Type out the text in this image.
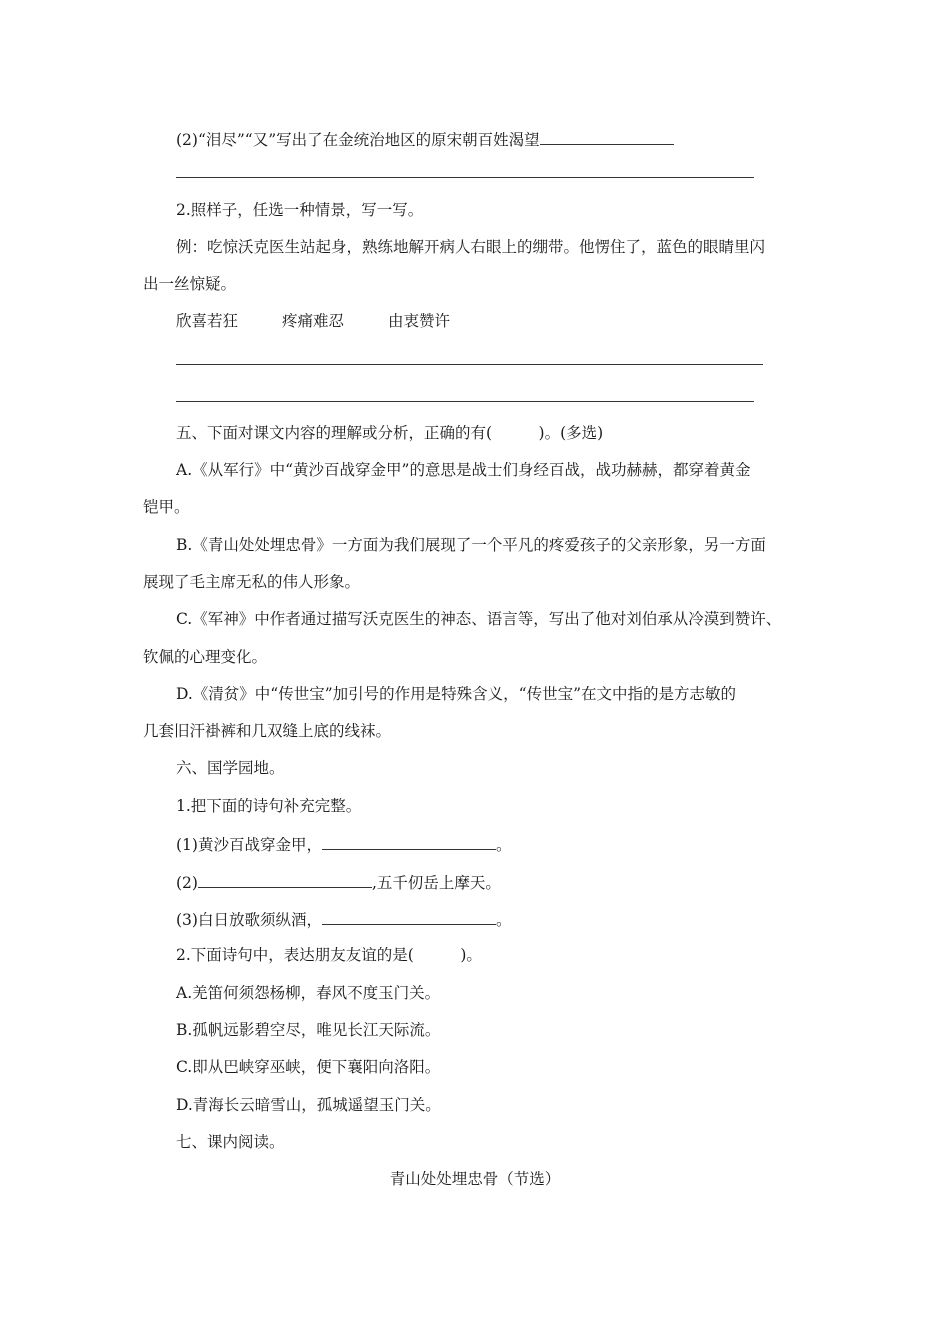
(2)“泪尽”“又”写出了在金统治地区的原宋朝百姓渴望
2.照样子，任选一种情景，写一写。
例：吃惊沃克医生站起身，熟练地解开病人右眼上的绷带。他愣住了，蓝色的眼睛里闪
出一丝惊疑。
欣喜若狂	疼痛难忍	由衷赞许
五、下面对课文内容的理解或分析，正确的有(　　　)。(多选)
A.《从军行》中“黄沙百战穿金甲”的意思是战士们身经百战，战功赫赫，都穿着黄金
铠甲。
B.《青山处处埋忠骨》一方面为我们展现了一个平凡的疼爱孩子的父亲形象，另一方面
展现了毛主席无私的伟人形象。
C.《军神》中作者通过描写沃克医生的神态、语言等，写出了他对刘伯承从冷漠到赞许、
钦佩的心理变化。
D.《清贫》中“传世宝”加引号的作用是特殊含义，“传世宝”在文中指的是方志敏的
几套旧汗褂裤和几双缝上底的线袜。
六、国学园地。
1.把下面的诗句补充完整。
(1)黄沙百战穿金甲，	。
(2)	,五千仞岳上摩天。
(3)白日放歌须纵酒，	。
2.下面诗句中，表达朋友友谊的是(　　　)。
A.羌笛何须怨杨柳，春风不度玉门关。
B.孤帆远影碧空尽，唯见长江天际流。
C.即从巴峡穿巫峡，便下襄阳向洛阳。
D.青海长云暗雪山，孤城遥望玉门关。
七、课内阅读。
青山处处埋忠骨（节选）
